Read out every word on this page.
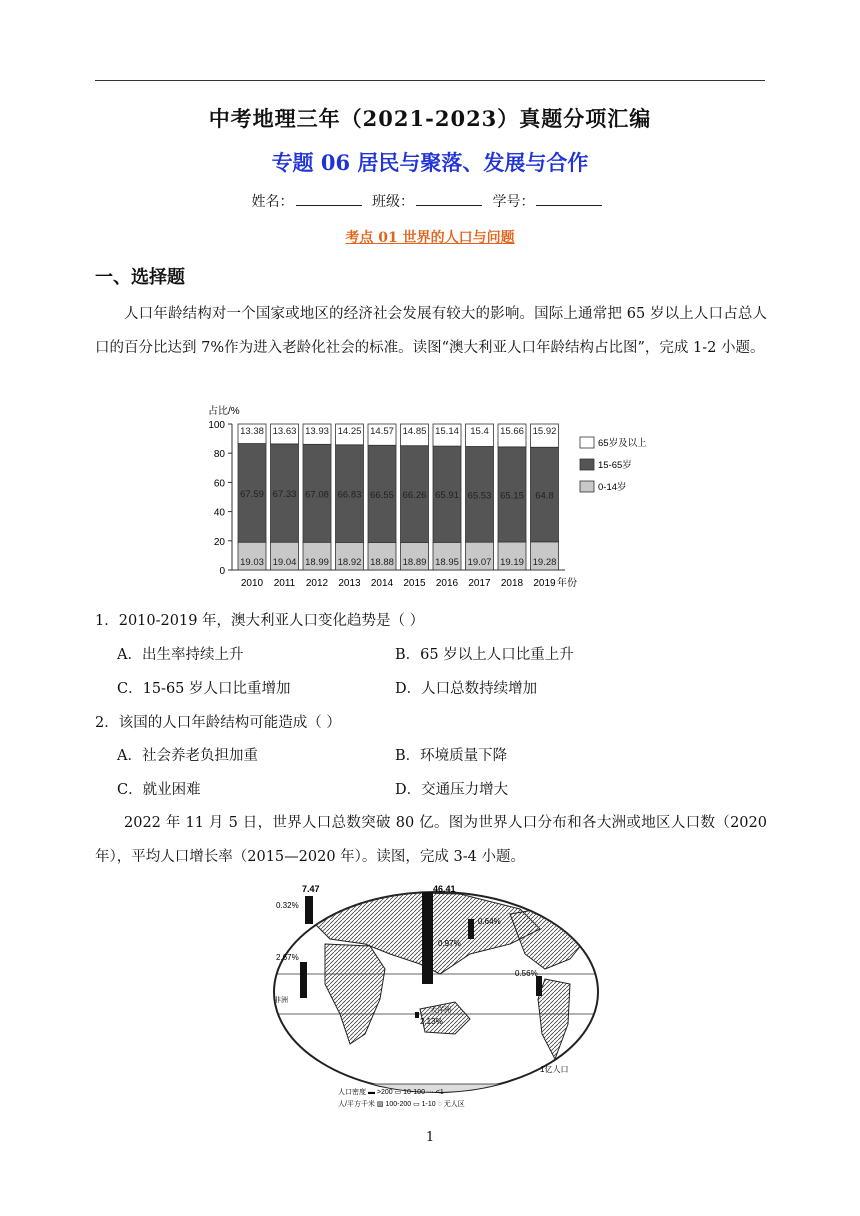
中考地理三年（2021-2023）真题分项汇编
专题 06 居民与聚落、发展与合作
姓名：	班级：	学号：
考点 01 世界的人口与问题
一、选择题
人口年龄结构对一个国家或地区的经济社会发展有较大的影响。国际上通常把 65 岁以上人口占总人口的百分比达到 7%作为进入老龄化社会的标准。读图“澳大利亚人口年龄结构占比图”，完成 1-2 小题。
占比/%
0
20
40
60
80
100
19.03
67.59
13.38
2010
19.04
67.33
13.63
2011
18.99
67.08
13.93
2012
18.92
66.83
14.25
2013
18.88
66.55
14.57
2014
18.89
66.26
14.85
2015
18.95
65.91
15.14
2016
19.07
65.53
15.4
2017
19.19
65.15
15.66
2018
19.28
64.8
15.92
2019 年份
65岁及以上
15-65岁
0-14岁
1．2010-2019 年，澳大利亚人口变化趋势是（ ）
A．出生率持续上升	B．65 岁以上人口比重上升
C．15-65 岁人口比重增加	D．人口总数持续增加
2．该国的人口年龄结构可能造成（ ）
A．社会养老负担加重	B．环境质量下降
C．就业困难	D．交通压力增大
2022 年 11 月 5 日，世界人口总数突破 80 亿。图为世界人口分布和各大洲或地区人口数（2020 年），平均人口增长率（2015—2020 年）。读图，完成 3-4 小题。
7.47
0.32%
2.67%
46.41
0.64%
0.97%
0.56%
2.13%
非洲
大洋洲
1亿人口
人口密度 ▬ >200 ▭ 10-100 ⋯ <1
人/平方千米 ▨ 100-200 ▭ 1-10 ◌ 无人区
1
